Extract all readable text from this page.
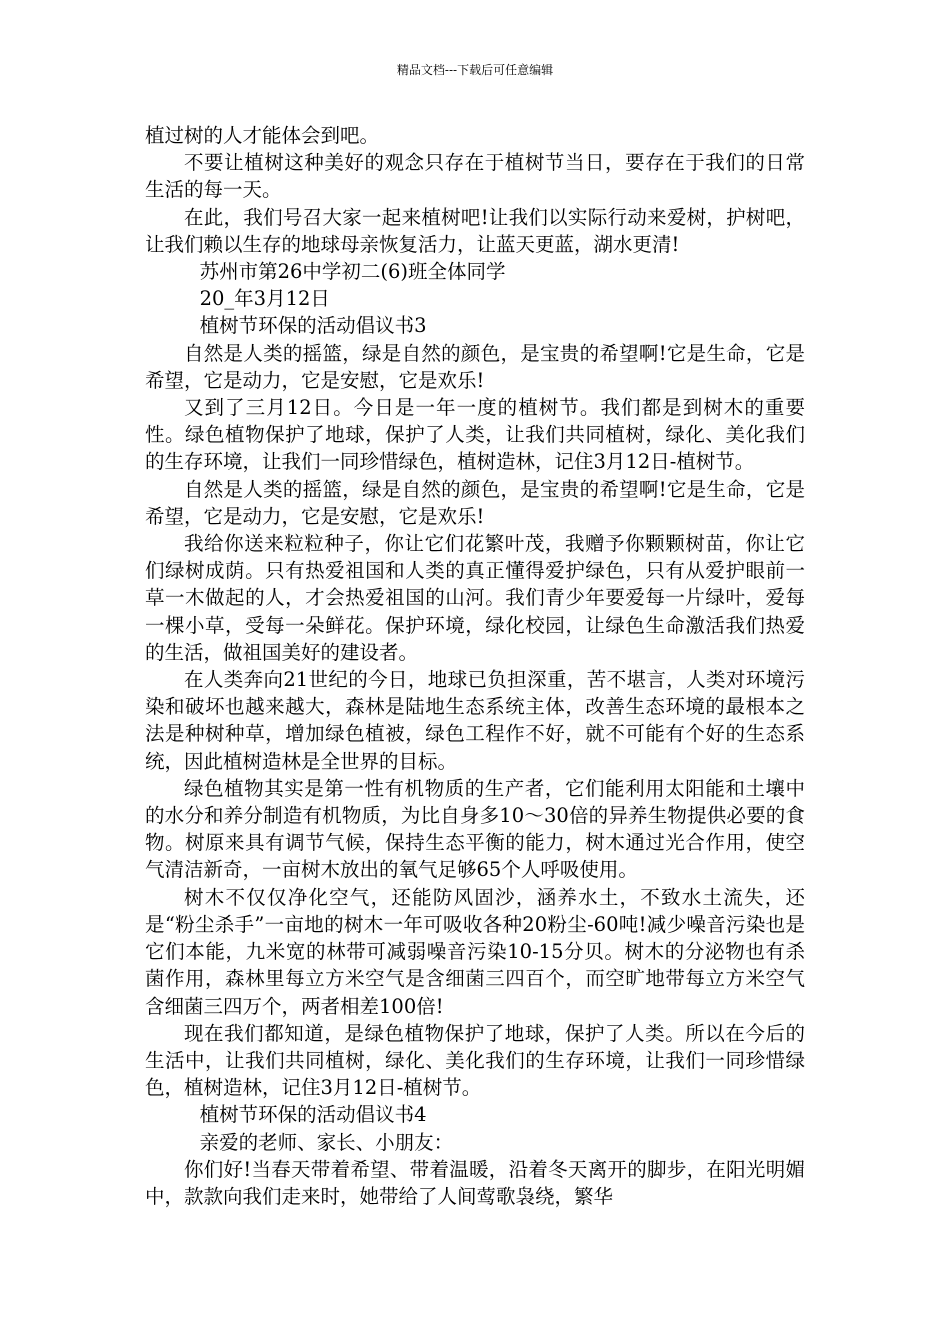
精品文档---下载后可任意编辑

植过树的人才能体会到吧。

不要让植树这种美好的观念只存在于植树节当日，要存在于我们的日常生活的每一天。

在此，我们号召大家一起来植树吧!让我们以实际行动来爱树，护树吧，让我们赖以生存的地球母亲恢复活力，让蓝天更蓝，湖水更清!

苏州市第26中学初二(6)班全体同学

20_年3月12日

植树节环保的活动倡议书3

自然是人类的摇篮，绿是自然的颜色，是宝贵的希望啊!它是生命，它是希望，它是动力，它是安慰，它是欢乐!

又到了三月12日。今日是一年一度的植树节。我们都是到树木的重要性。绿色植物保护了地球，保护了人类，让我们共同植树，绿化、美化我们的生存环境，让我们一同珍惜绿色，植树造林，记住3月12日-植树节。

自然是人类的摇篮，绿是自然的颜色，是宝贵的希望啊!它是生命，它是希望，它是动力，它是安慰，它是欢乐!

我给你送来粒粒种子，你让它们花繁叶茂，我赠予你颗颗树苗，你让它们绿树成荫。只有热爱祖国和人类的真正懂得爱护绿色，只有从爱护眼前一草一木做起的人，才会热爱祖国的山河。我们青少年要爱每一片绿叶，爱每一棵小草，受每一朵鲜花。保护环境，绿化校园，让绿色生命激活我们热爱的生活，做祖国美好的建设者。

在人类奔向21世纪的今日，地球已负担深重，苦不堪言，人类对环境污染和破坏也越来越大，森林是陆地生态系统主体，改善生态环境的最根本之法是种树种草，增加绿色植被，绿色工程作不好，就不可能有个好的生态系统，因此植树造林是全世界的目标。

绿色植物其实是第一性有机物质的生产者，它们能利用太阳能和土壤中的水分和养分制造有机物质，为比自身多10～30倍的异养生物提供必要的食物。树原来具有调节气候，保持生态平衡的能力，树木通过光合作用，使空气清洁新奇，一亩树木放出的氧气足够65个人呼吸使用。

树木不仅仅净化空气，还能防风固沙，涵养水土，不致水土流失，还是“粉尘杀手”一亩地的树木一年可吸收各种20粉尘-60吨!减少噪音污染也是它们本能，九米宽的林带可减弱噪音污染10-15分贝。树木的分泌物也有杀菌作用，森林里每立方米空气是含细菌三四百个，而空旷地带每立方米空气含细菌三四万个，两者相差100倍!

现在我们都知道，是绿色植物保护了地球，保护了人类。所以在今后的生活中，让我们共同植树，绿化、美化我们的生存环境，让我们一同珍惜绿色，植树造林，记住3月12日-植树节。

植树节环保的活动倡议书4

亲爱的老师、家长、小朋友：

你们好!当春天带着希望、带着温暖，沿着冬天离开的脚步，在阳光明媚中，款款向我们走来时，她带给了人间莺歌袅绕，繁华
